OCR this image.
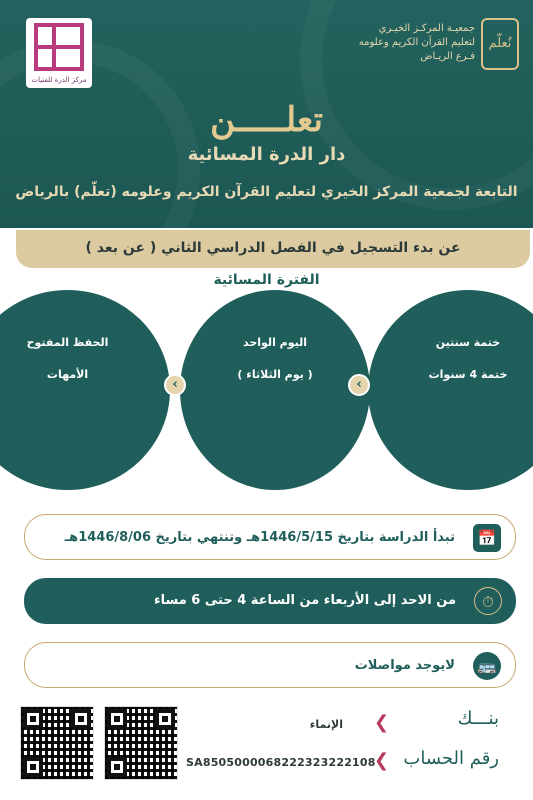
مركز الدرة للفتيات
نُعلّم
جمعيـة المركـز الخيـري
لتعليم القرآن الكريم وعلومه
فـرع الريـاض
تعلـــــن
دار الدرة المسائية
التابعة لجمعية المركز الخيري لتعليم القرآن الكريم وعلومه (تعلّم) بالرياض
عن بدء التسجيل في الفصل الدراسي الثاني ( عن بعد )
الفترة المسائية
ختمة سنتين
ختمة 4 سنوات
اليوم الواحد
( يوم الثلاثاء )
الحفظ المفتوح
الأمهات
‹
‹
تبدأ الدراسة بتاريخ 1446/5/15هـ وتنتهي بتاريخ 1446/8/06هـ	📅
من الاحد إلى الأربعاء من الساعة 4 حتى 6 مساء	⏱
لايوجد مواصلات	🚌
بنـــك
❮
الإنماء
رقم الحساب
❮
SA8505000068222323222108
